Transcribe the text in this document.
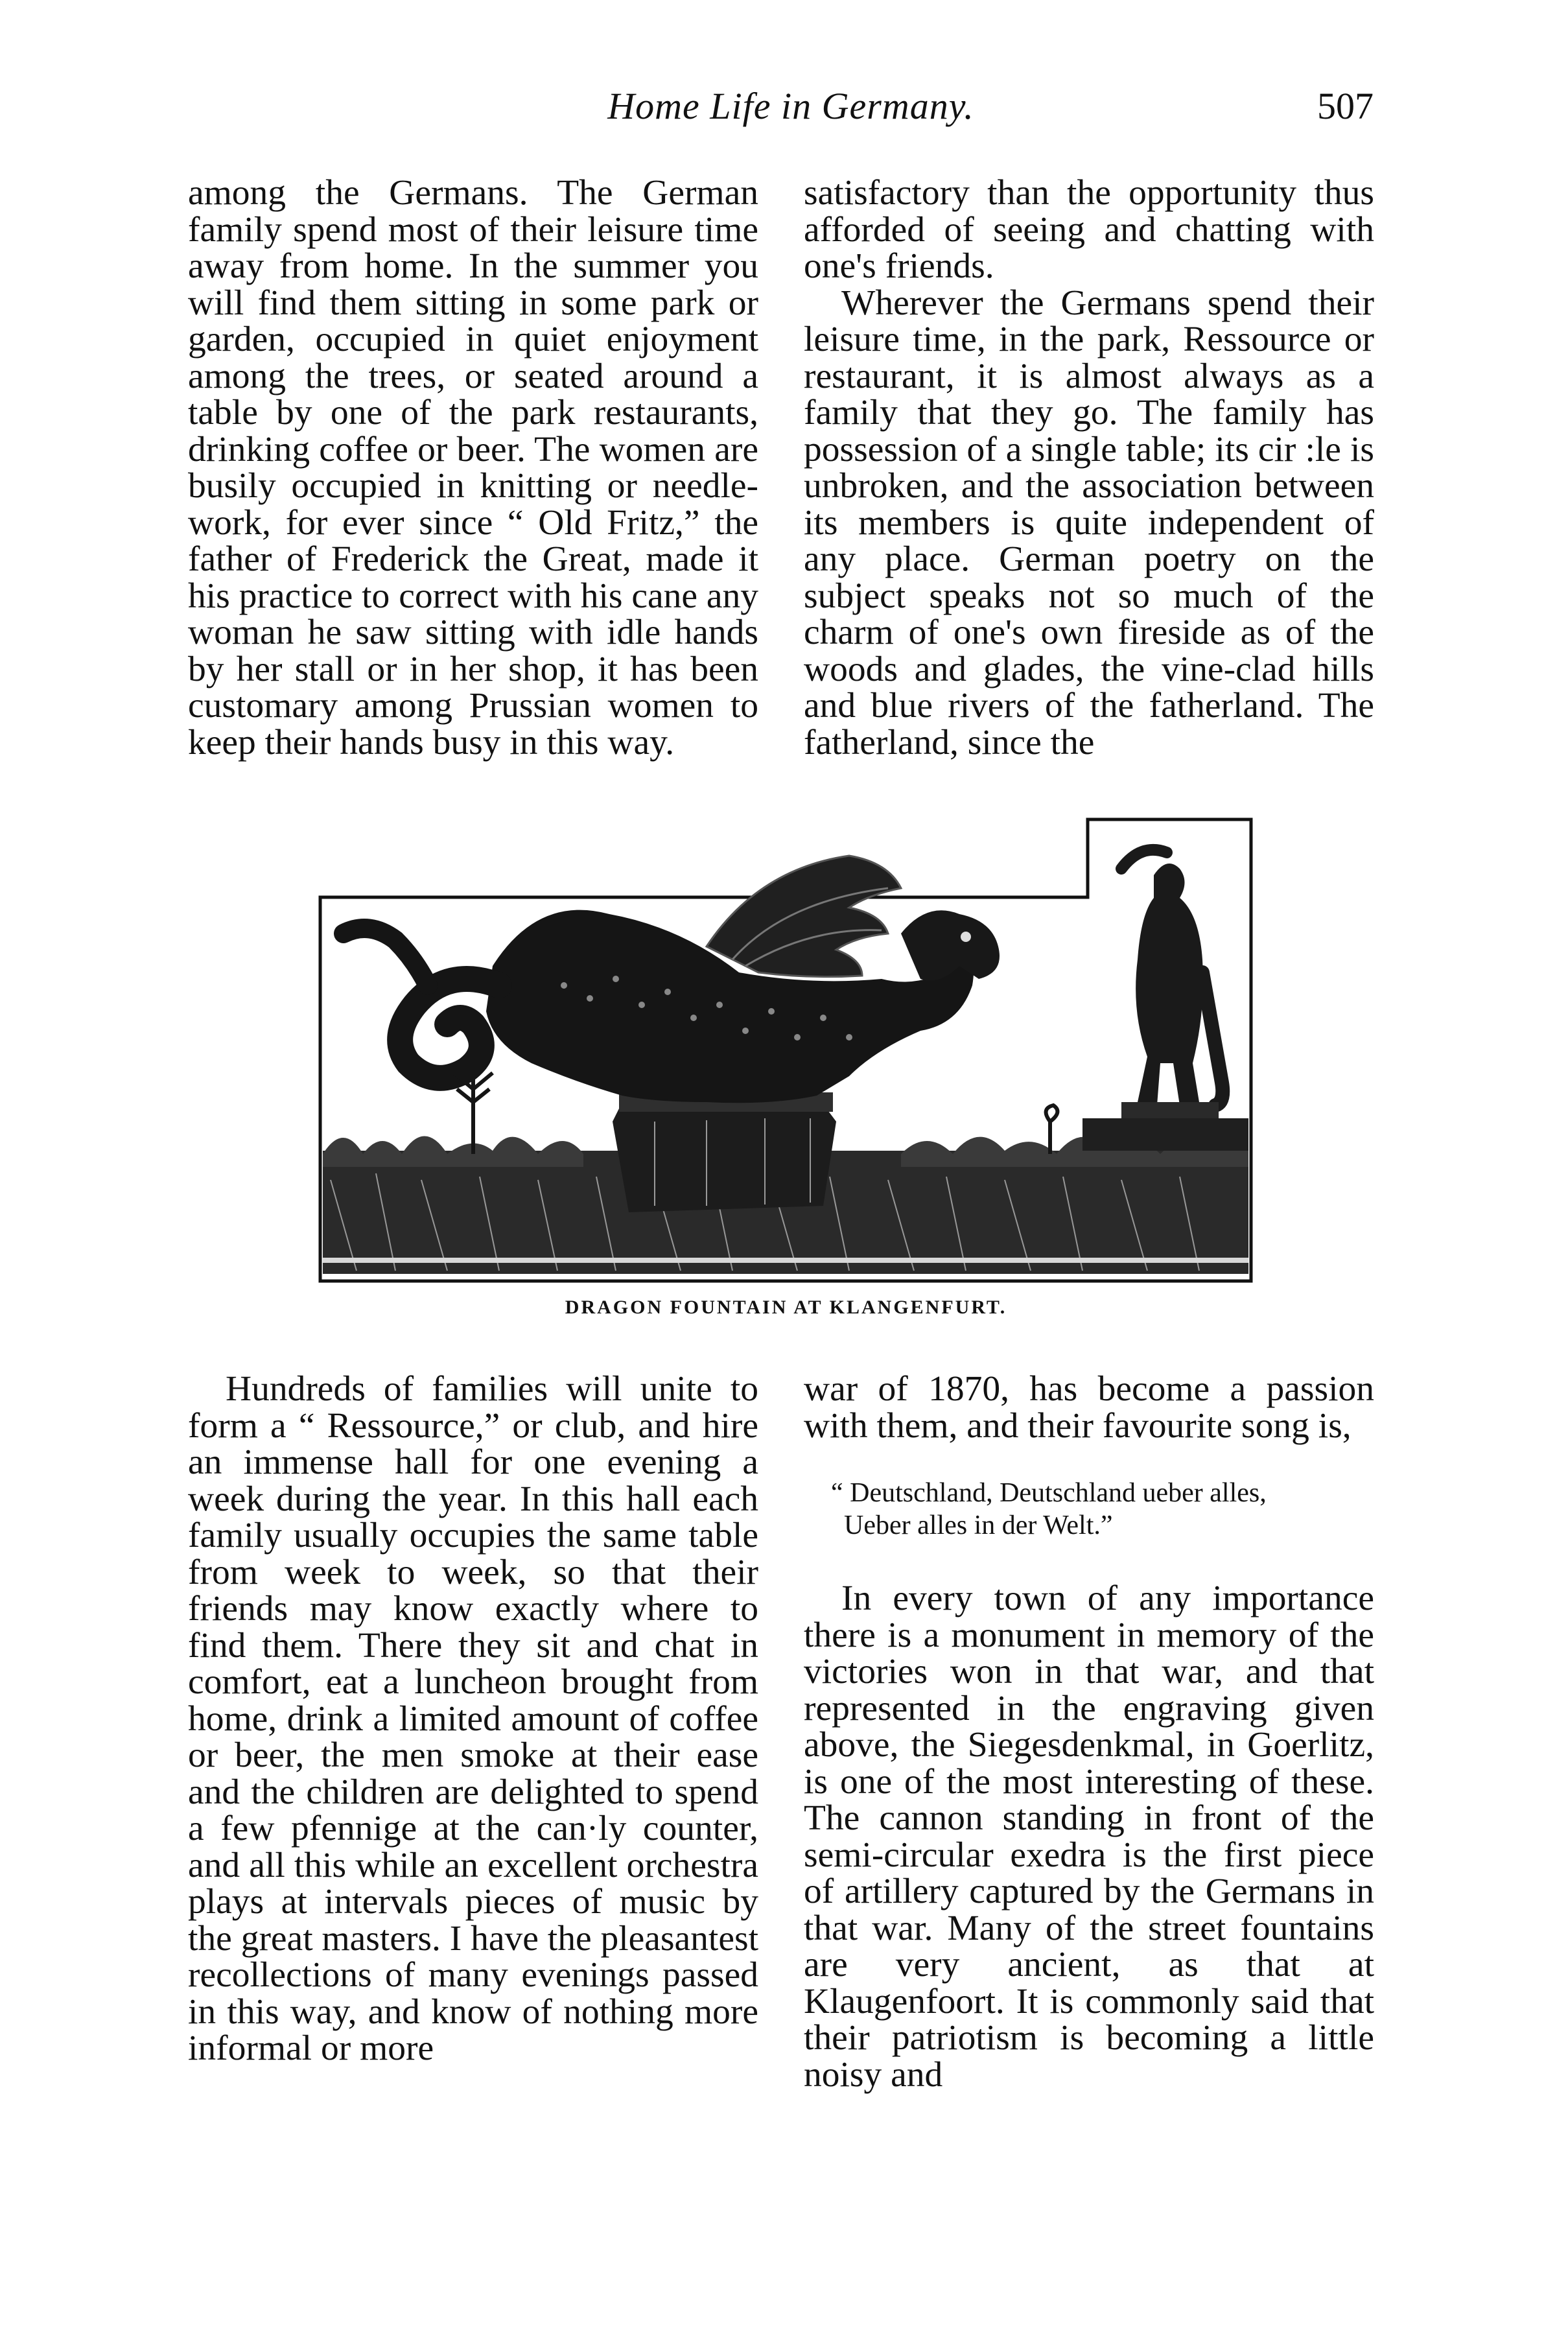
Home Life in Germany.	507

among the Germans. The German family spend most of their leisure time away from home. In the summer you will find them sitting in some park or garden, occupied in quiet enjoyment among the trees, or seated around a table by one of the park restaurants, drinking coffee or beer. The women are busily occupied in knitting or needle-work, for ever since “ Old Fritz,” the father of Frederick the Great, made it his practice to correct with his cane any woman he saw sitting with idle hands by her stall or in her shop, it has been customary among Prussian women to keep their hands busy in this way.

satisfactory than the opportunity thus afforded of seeing and chatting with one's friends.

Wherever the Germans spend their leisure time, in the park, Ressource or restaurant, it is almost always as a family that they go. The family has possession of a single table; its cir :le is unbroken, and the association between its members is quite independent of any place. German poetry on the subject speaks not so much of the charm of one's own fireside as of the woods and glades, the vine-clad hills and blue rivers of the fatherland. The fatherland, since the

DRAGON FOUNTAIN AT KLANGENFURT.

Hundreds of families will unite to form a “ Ressource,” or club, and hire an immense hall for one evening a week during the year. In this hall each family usually occupies the same table from week to week, so that their friends may know exactly where to find them. There they sit and chat in comfort, eat a luncheon brought from home, drink a limited amount of coffee or beer, the men smoke at their ease and the children are delighted to spend a few pfennige at the can·ly counter, and all this while an excellent orchestra plays at intervals pieces of music by the great masters. I have the pleasantest recollections of many evenings passed in this way, and know of nothing more informal or more

war of 1870, has become a passion with them, and their favourite song is,

“ Deutschland, Deutschland ueber alles,
Ueber alles in der Welt.”

In every town of any importance there is a monument in memory of the victories won in that war, and that represented in the engraving given above, the Siegesdenkmal, in Goerlitz, is one of the most interesting of these. The cannon standing in front of the semi-circular exedra is the first piece of artillery captured by the Germans in that war. Many of the street fountains are very ancient, as that at Klaugenfoort. It is commonly said that their patriotism is becoming a little noisy and
